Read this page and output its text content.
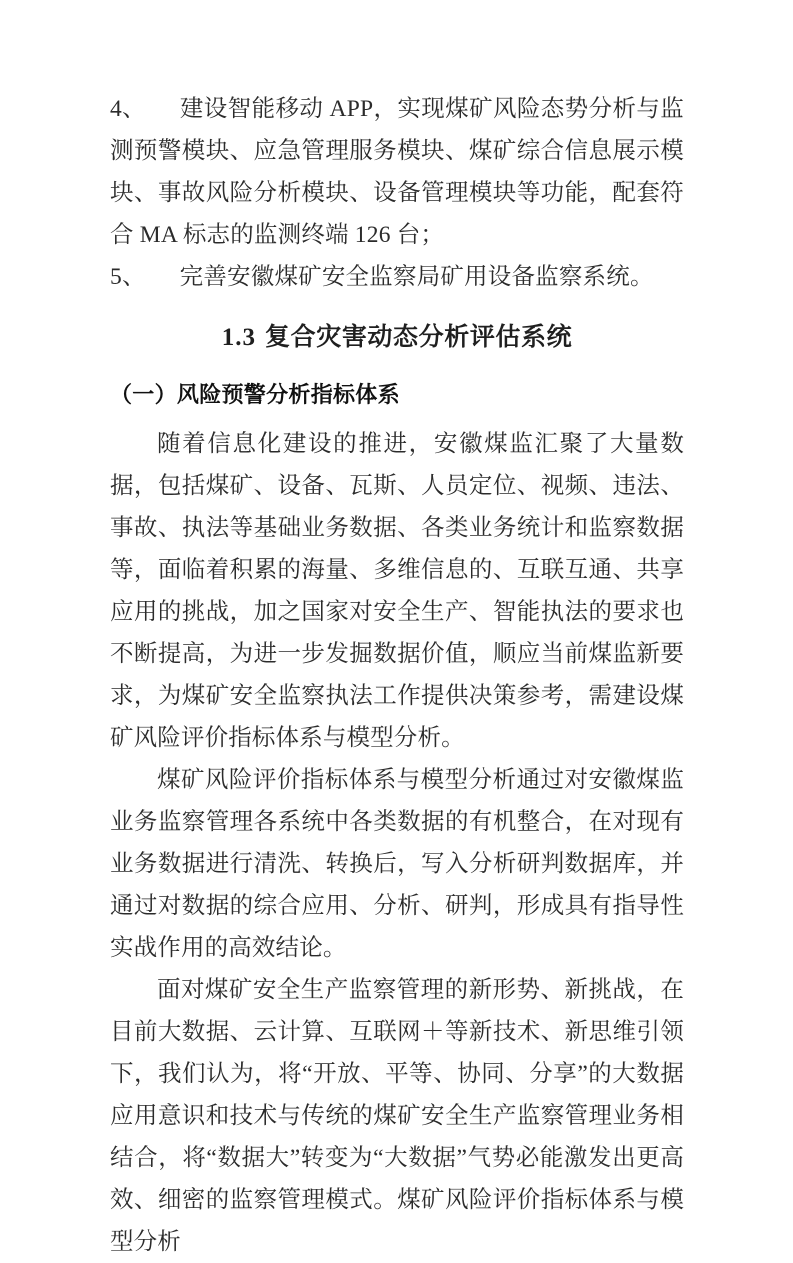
4、 建设智能移动 APP，实现煤矿风险态势分析与监测预警模块、应急管理服务模块、煤矿综合信息展示模块、事故风险分析模块、设备管理模块等功能，配套符合 MA 标志的监测终端 126 台；

5、 完善安徽煤矿安全监察局矿用设备监察系统。

1.3 复合灾害动态分析评估系统
（一）风险预警分析指标体系

随着信息化建设的推进，安徽煤监汇聚了大量数据，包括煤矿、设备、瓦斯、人员定位、视频、违法、事故、执法等基础业务数据、各类业务统计和监察数据等，面临着积累的海量、多维信息的、互联互通、共享应用的挑战，加之国家对安全生产、智能执法的要求也不断提高，为进一步发掘数据价值，顺应当前煤监新要求，为煤矿安全监察执法工作提供决策参考，需建设煤矿风险评价指标体系与模型分析。

煤矿风险评价指标体系与模型分析通过对安徽煤监业务监察管理各系统中各类数据的有机整合，在对现有业务数据进行清洗、转换后，写入分析研判数据库，并通过对数据的综合应用、分析、研判，形成具有指导性实战作用的高效结论。

面对煤矿安全生产监察管理的新形势、新挑战，在目前大数据、云计算、互联网＋等新技术、新思维引领下，我们认为，将“开放、平等、协同、分享”的大数据应用意识和技术与传统的煤矿安全生产监察管理业务相结合，将“数据大”转变为“大数据”气势必能激发出更高效、细密的监察管理模式。煤矿风险评价指标体系与模型分析
